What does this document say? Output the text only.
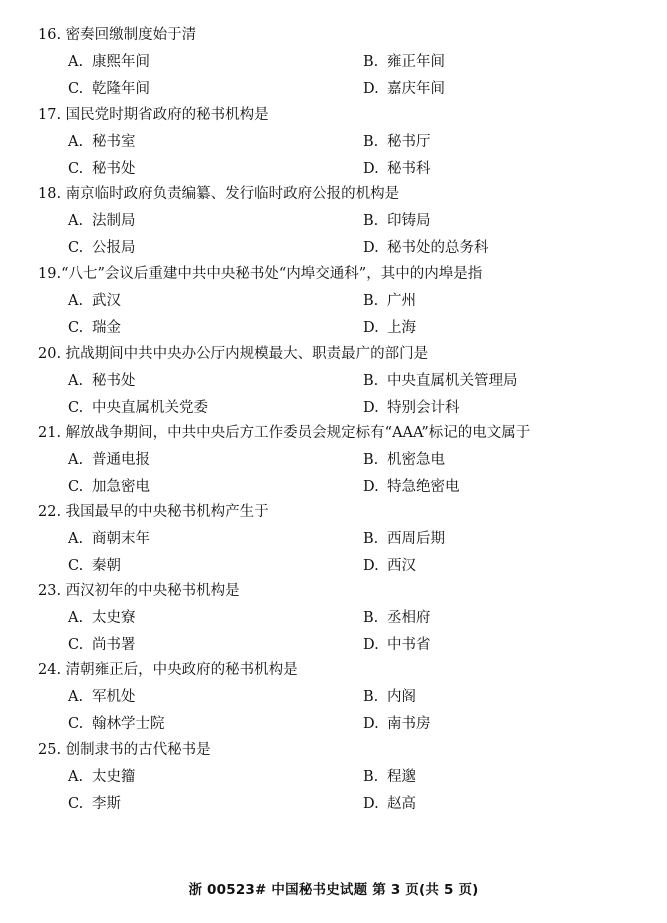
16. 密奏回缴制度始于清
A. 康熙年间	B. 雍正年间
C. 乾隆年间	D. 嘉庆年间
17. 国民党时期省政府的秘书机构是
A. 秘书室	B. 秘书厅
C. 秘书处	D. 秘书科
18. 南京临时政府负责编纂、发行临时政府公报的机构是
A. 法制局	B. 印铸局
C. 公报局	D. 秘书处的总务科
19.“八七”会议后重建中共中央秘书处“内埠交通科”，其中的内埠是指
A. 武汉	B. 广州
C. 瑞金	D. 上海
20. 抗战期间中共中央办公厅内规模最大、职责最广的部门是
A. 秘书处	B. 中央直属机关管理局
C. 中央直属机关党委	D. 特别会计科
21. 解放战争期间，中共中央后方工作委员会规定标有“AAA”标记的电文属于
A. 普通电报	B. 机密急电
C. 加急密电	D. 特急绝密电
22. 我国最早的中央秘书机构产生于
A. 商朝末年	B. 西周后期
C. 秦朝	D. 西汉
23. 西汉初年的中央秘书机构是
A. 太史寮	B. 丞相府
C. 尚书署	D. 中书省
24. 清朝雍正后，中央政府的秘书机构是
A. 军机处	B. 内阁
C. 翰林学士院	D. 南书房
25. 创制隶书的古代秘书是
A. 太史籀	B. 程邈
C. 李斯	D. 赵高
浙 00523# 中国秘书史试题 第 3 页(共 5 页)
